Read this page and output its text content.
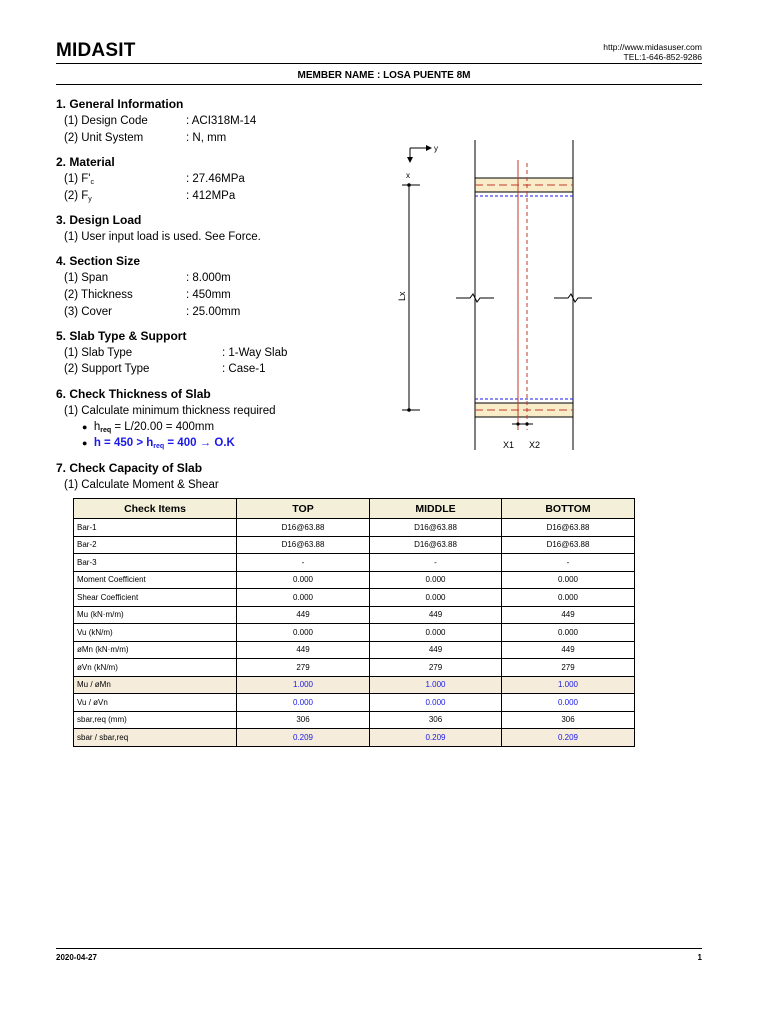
MIDASIT	http://www.midasuser.com
TEL:1-646-852-9286
MEMBER NAME : LOSA PUENTE 8M
1. General Information
(1) Design Code	: ACI318M-14
(2) Unit System	: N, mm
2. Material
(1) $F'_c$	: 27.46MPa
(2) $F_y$	: 412MPa
3. Design Load
(1) User input load is used. See Force.
4. Section Size
(1) Span	: 8.000m
(2) Thickness	: 450mm
(3) Cover	: 25.00mm
5. Slab Type & Support
(1) Slab Type	: 1-Way Slab
(2) Support Type	: Case-1
6. Check Thickness of Slab
(1) Calculate minimum thickness required
● hreq = L/20.00 = 400mm
● h = 450 > hreq = 400 → O.K
7. Check Capacity of Slab
(1) Calculate Moment & Shear
Check Items	TOP	MIDDLE	BOTTOM
Bar-1	D16@63.88	D16@63.88	D16@63.88
Bar-2	D16@63.88	D16@63.88	D16@63.88
Bar-3	-	-	-
Moment Coefficient	0.000	0.000	0.000
Shear Coefficient	0.000	0.000	0.000
Mu (kN·m/m)	449	449	449
Vu (kN/m)	0.000	0.000	0.000
øMn (kN·m/m)	449	449	449
øVn (kN/m)	279	279	279
Mu / øMn	1.000	1.000	1.000
Vu / øVn	0.000	0.000	0.000
sbar,req (mm)	306	306	306
sbar / sbar,req	0.209	0.209	0.209
y
x
Lx
X1 X2
2020-04-27	1
